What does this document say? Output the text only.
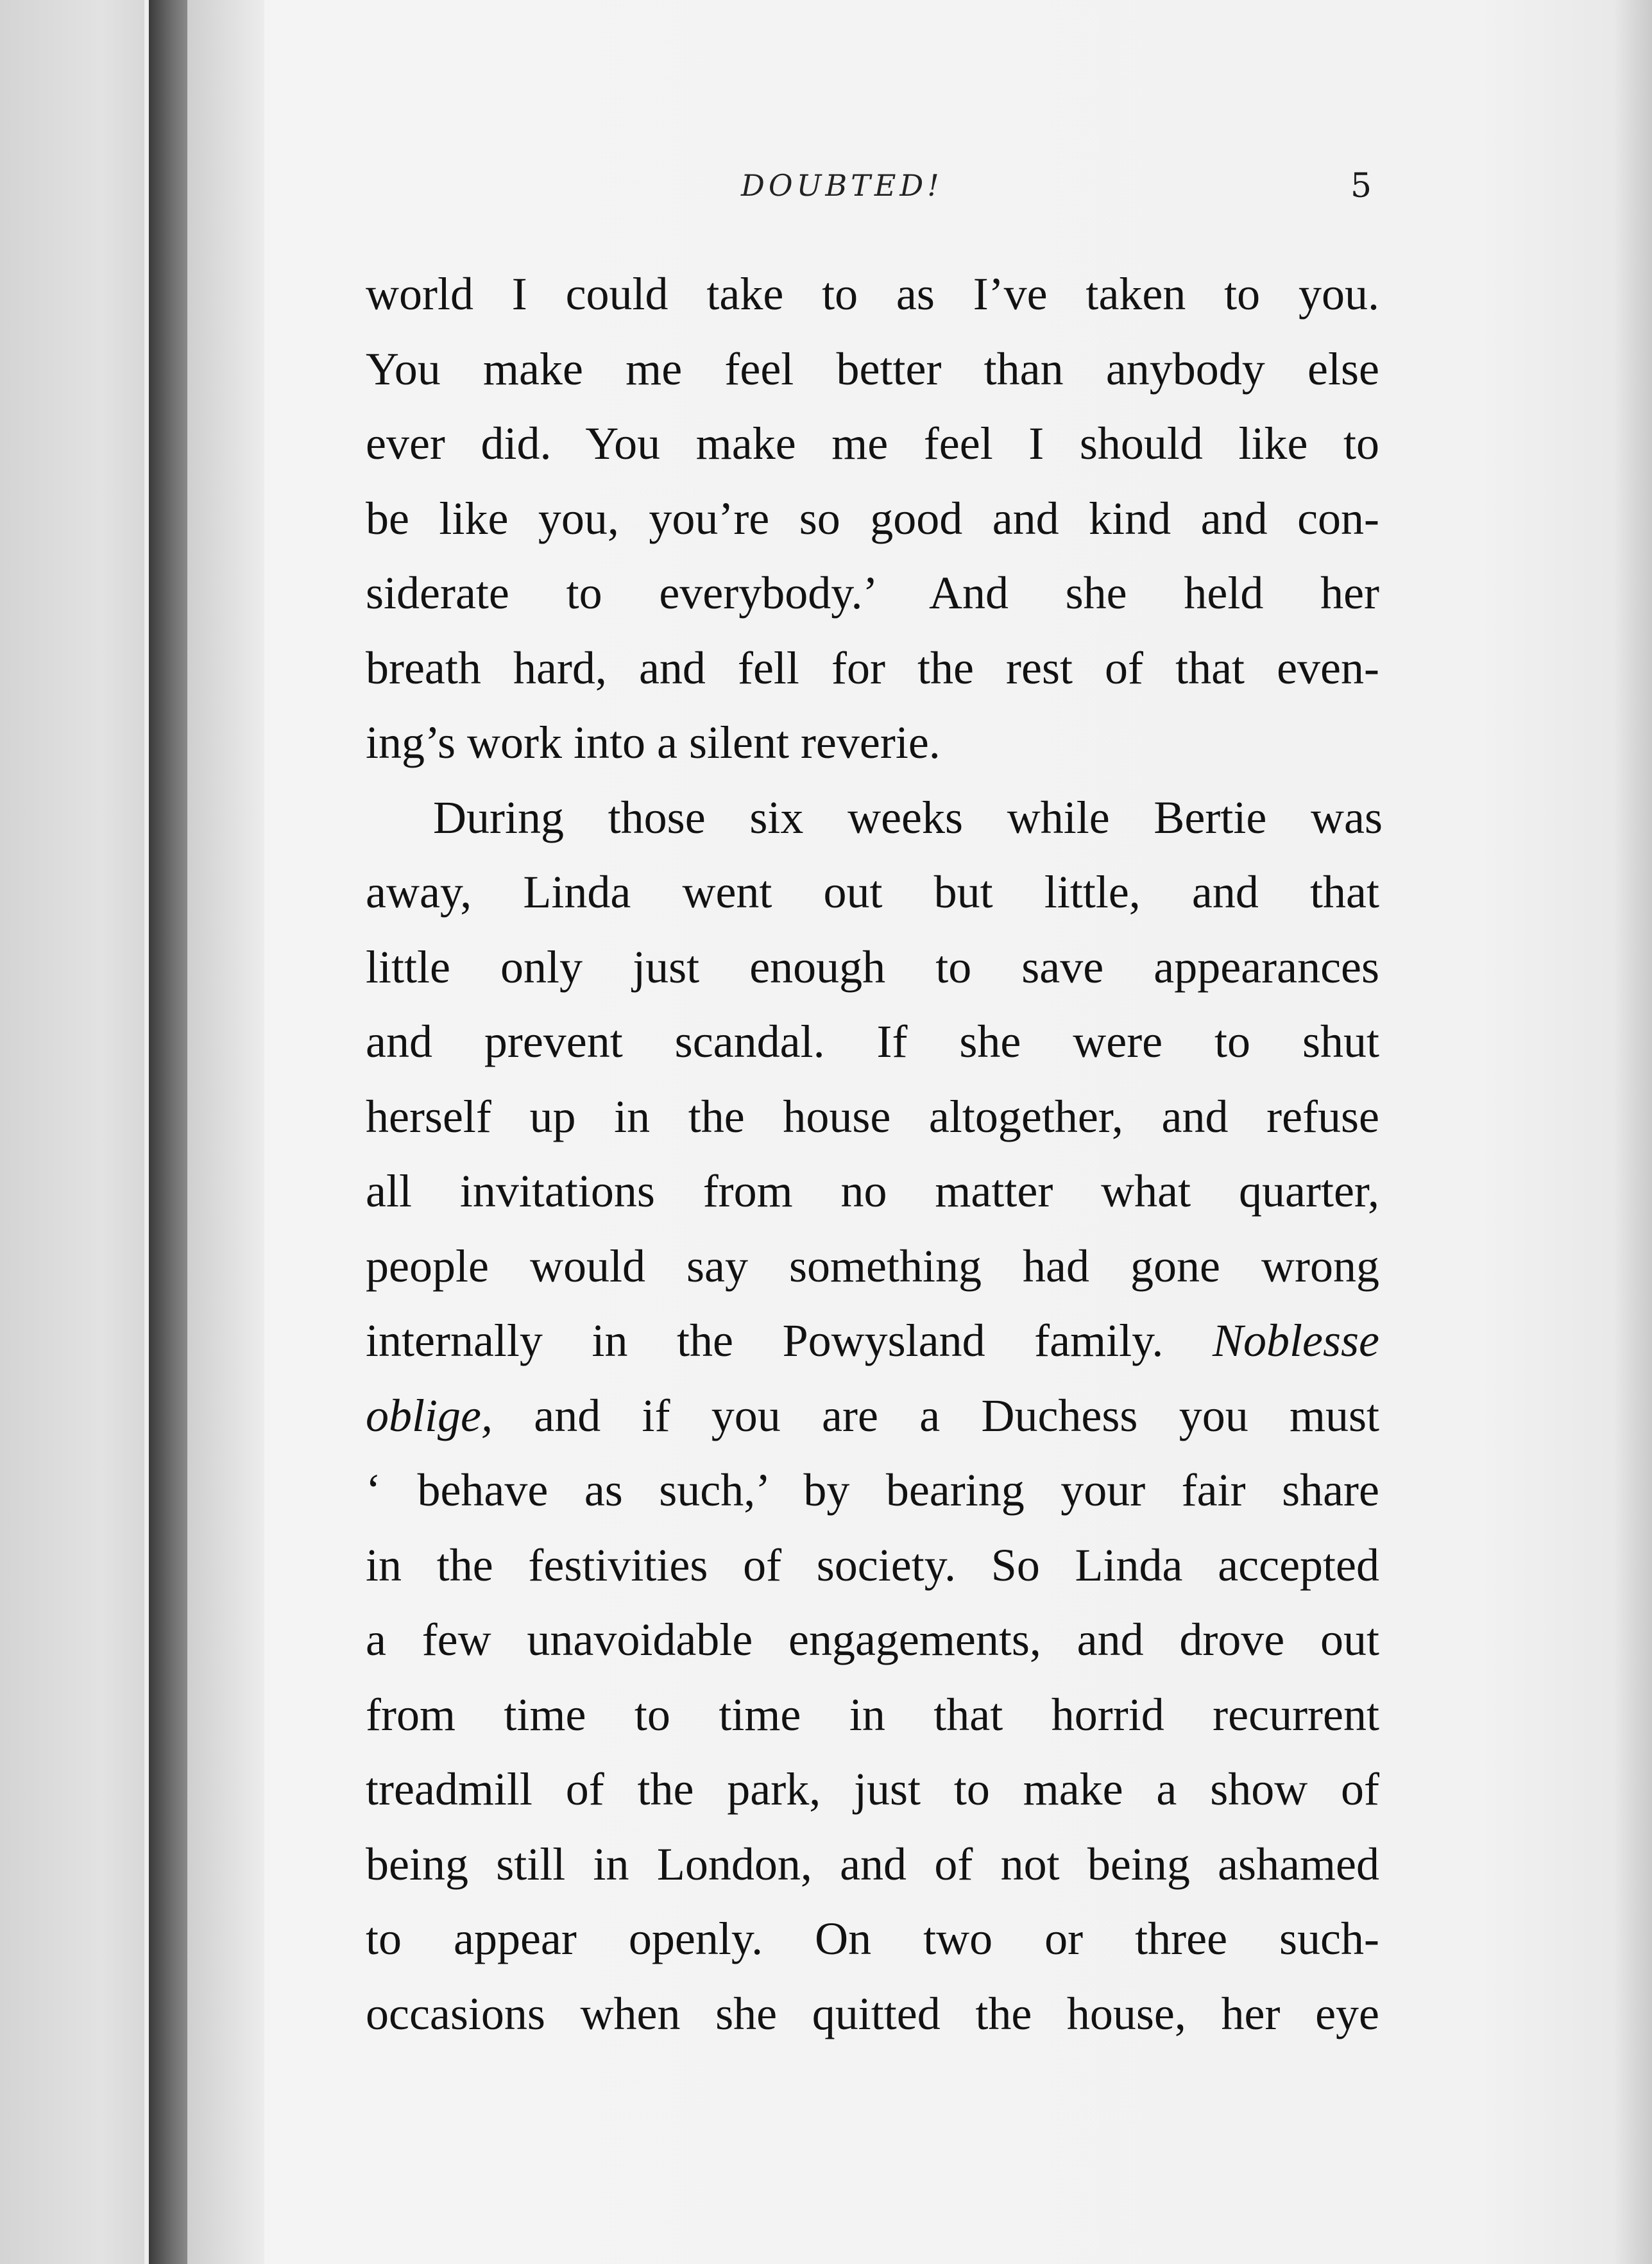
DOUBTED!	5
world I could take to as I’ve taken to you.
You make me feel better than anybody else
ever did. You make me feel I should like to
be like you, you’re so good and kind and con-
siderate to everybody.’ And she held her
breath hard, and fell for the rest of that even-
ing’s work into a silent reverie.
During those six weeks while Bertie was
away, Linda went out but little, and that
little only just enough to save appearances
and prevent scandal. If she were to shut
herself up in the house altogether, and refuse
all invitations from no matter what quarter,
people would say something had gone wrong
internally in the Powysland family. Noblesse
oblige, and if you are a Duchess you must
‘ behave as such,’ by bearing your fair share
in the festivities of society. So Linda accepted
a few unavoidable engagements, and drove out
from time to time in that horrid recurrent
treadmill of the park, just to make a show of
being still in London, and of not being ashamed
to appear openly. On two or three such-
occasions when she quitted the house, her eye
